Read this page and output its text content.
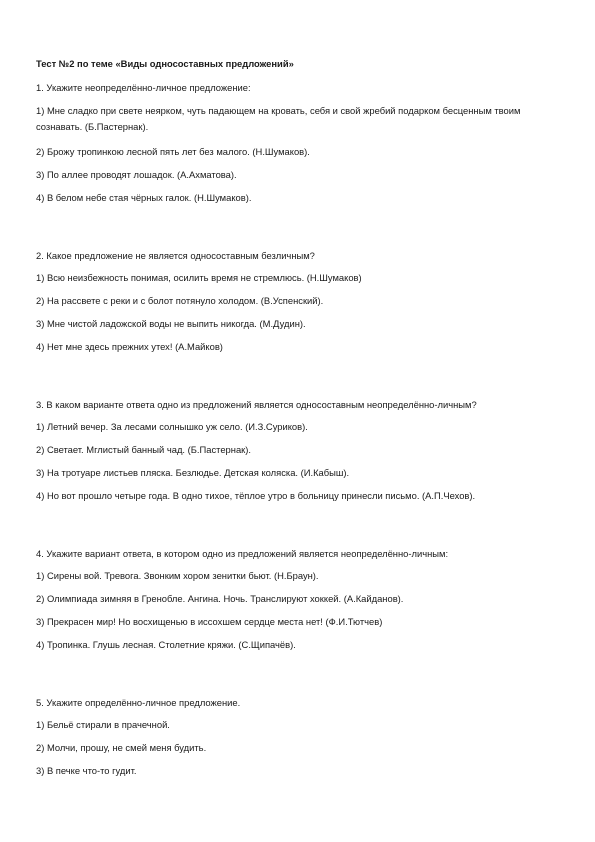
Тест №2 по теме «Виды односоставных предложений»
1. Укажите неопределённо-личное предложение:
1) Мне сладко при свете неярком, чуть падающем на кровать, себя и свой жребий подарком бесценным твоим сознавать. (Б.Пастернак).
2) Брожу тропинкою лесной пять лет без малого. (Н.Шумаков).
3) По аллее проводят лошадок. (А.Ахматова).
4) В белом небе стая чёрных галок. (Н.Шумаков).
2. Какое предложение не является односоставным безличным?
1) Всю неизбежность понимая, осилить время не стремлюсь. (Н.Шумаков)
2) На рассвете с реки и с болот потянуло холодом. (В.Успенский).
3) Мне чистой ладожской воды не выпить никогда. (М.Дудин).
4) Нет мне здесь прежних утех! (А.Майков)
3. В каком варианте ответа одно из предложений является односоставным неопределённо-личным?
1) Летний вечер. За лесами солнышко уж село. (И.З.Суриков).
2) Светает. Мглистый банный чад. (Б.Пастернак).
3) На тротуаре листьев пляска. Безлюдье. Детская коляска. (И.Кабыш).
4) Но вот прошло четыре года. В одно тихое, тёплое утро в больницу принесли письмо. (А.П.Чехов).
4. Укажите вариант ответа, в котором одно из предложений является неопределённо-личным:
1) Сирены вой. Тревога. Звонким хором зенитки бьют. (Н.Браун).
2) Олимпиада зимняя в Гренобле. Ангина. Ночь. Транслируют хоккей. (А.Кайданов).
3) Прекрасен мир! Но восхищенью в иссохшем сердце места нет! (Ф.И.Тютчев)
4) Тропинка. Глушь лесная. Столетние кряжи. (С.Щипачёв).
5. Укажите определённо-личное предложение.
1) Бельё стирали в прачечной.
2) Молчи, прошу, не смей меня будить.
3) В печке что-то гудит.
